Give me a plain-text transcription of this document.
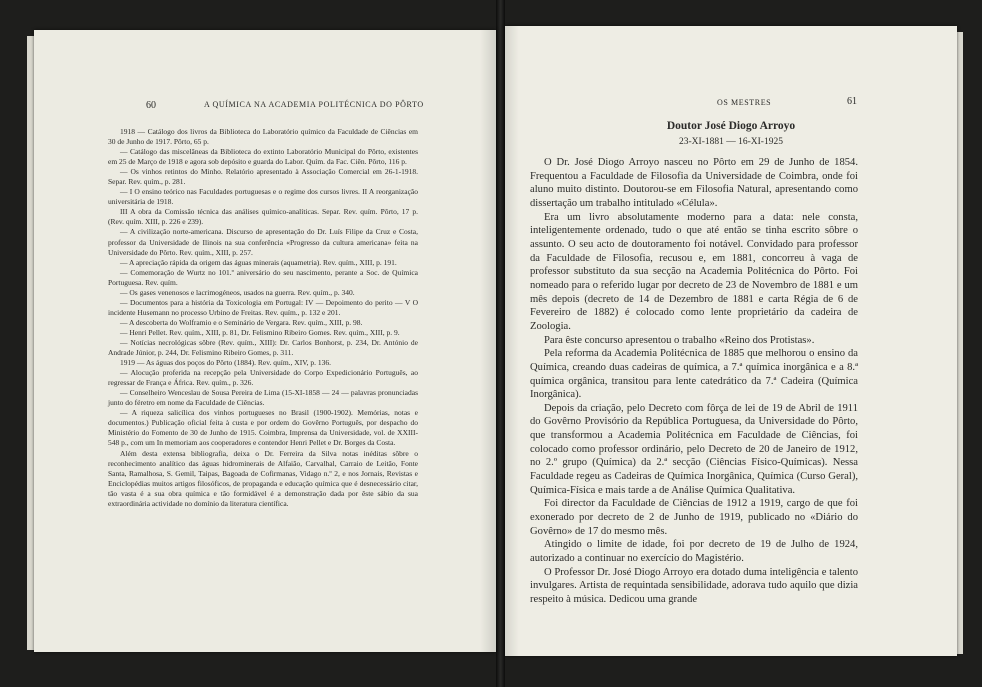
60	A QUÍMICA NA ACADEMIA POLITÉCNICA DO PÔRTO

1918 — Catálogo dos livros da Biblioteca do Laboratório químico da Faculdade de Ciências em 30 de Junho de 1917. Pôrto, 65 p.

— Catálogo das miscelâneas da Biblioteca do extinto Laboratório Municipal do Pôrto, existentes em 25 de Março de 1918 e agora sob depósito e guarda do Labor. Quím. da Fac. Ciên. Pôrto, 116 p.

— Os vinhos retintos do Minho. Relatório apresentado à Associação Comercial em 26-1-1918. Separ. Rev. quím., p. 281.

— I O ensino teórico nas Faculdades portuguesas e o regime dos cursos livres. II A reorganização universitária de 1918.

III A obra da Comissão técnica das análises químico-analíticas. Separ. Rev. quím. Pôrto, 17 p. (Rev. quím. XIII, p. 226 e 239).

— A civilização norte-americana. Discurso de apresentação do Dr. Luís Filipe da Cruz e Costa, professor da Universidade de Ilinois na sua conferência «Progresso da cultura americana» feita na Universidade do Pôrto. Rev. quím., XIII, p. 257.

— A apreciação rápida da origem das águas minerais (aquametria). Rev. quím., XIII, p. 191.

— Comemoração de Wurtz no 101.º aniversário do seu nascimento, perante a Soc. de Química Portuguesa. Rev. quím.

— Os gases venenosos e lacrimogéneos, usados na guerra. Rev. quím., p. 340.

— Documentos para a história da Toxicologia em Portugal: IV — Depoimento do perito — V O incidente Husemann no processo Urbino de Freitas. Rev. quím., p. 132 e 201.

— A descoberta do Wolframio e o Seminário de Vergara. Rev. quím., XIII, p. 98.

— Henri Pellet. Rev. quím., XIII, p. 81, Dr. Felismino Ribeiro Gomes. Rev. quím., XIII, p. 9.

— Notícias necrológicas sôbre (Rev. quím., XIII): Dr. Carlos Bonhorst, p. 234, Dr. António de Andrade Júnior, p. 244, Dr. Felismino Ribeiro Gomes, p. 311.

1919 — As águas dos poços do Pôrto (1884). Rev. quím., XIV, p. 136.

— Alocução proferida na recepção pela Universidade do Corpo Expedicionário Português, ao regressar de França e África. Rev. quím., p. 326.

— Conselheiro Wenceslau de Sousa Pereira de Lima (15-XI-1858 — 24 — palavras pronunciadas junto do féretro em nome da Faculdade de Ciências.

— A riqueza salicílica dos vinhos portugueses no Brasil (1900-1902). Memórias, notas e documentos.) Publicação oficial feita à custa e por ordem do Govêrno Português, por despacho do Ministério do Fomento de 30 de Junho de 1915. Coimbra, Imprensa da Universidade, vol. de XXIII-548 p., com um In memoriam aos cooperadores e contendor Henri Pellet e Dr. Borges da Costa.

Além desta extensa bibliografia, deixa o Dr. Ferreira da Silva notas inéditas sôbre o reconhecimento analítico das águas hidrominerais de Alfaião, Carvalhal, Carraio de Leitão, Fonte Santa, Ramalhosa, S. Gemil, Taipas, Bagoada de Cofirmanas, Vidago n.º 2, e nos Jornais, Revistas e Enciclopédias muitos artigos filosóficos, de propaganda e educação química que é desnecessário citar, tão vasta é a sua obra química e tão formidável é a demonstração dada por êste sábio da sua extraordinária actividade no domínio da literatura científica.

OS MESTRES	61
Doutor José Diogo Arroyo
23-XI-1881 — 16-XI-1925

O Dr. José Diogo Arroyo nasceu no Pôrto em 29 de Junho de 1854. Frequentou a Faculdade de Filosofia da Universidade de Coimbra, onde foi aluno muito distinto. Doutorou-se em Filosofia Natural, apresentando como dissertação um trabalho intitulado «Célula».

Era um livro absolutamente moderno para a data: nele consta, inteligentemente ordenado, tudo o que até então se tinha escrito sôbre o assunto. O seu acto de doutoramento foi notável. Convidado para professor da Faculdade de Filosofia, recusou e, em 1881, concorreu à vaga de professor substituto da sua secção na Academia Politécnica do Pôrto. Foi nomeado para o referido lugar por decreto de 23 de Novembro de 1881 e um mês depois (decreto de 14 de Dezembro de 1881 e carta Régia de 6 de Fevereiro de 1882) é colocado como lente proprietário da cadeira de Zoologia.

Para êste concurso apresentou o trabalho «Reino dos Protistas».

Pela reforma da Academia Politécnica de 1885 que melhorou o ensino da Química, creando duas cadeiras de química, a 7.ª química inorgânica e a 8.ª química orgânica, transitou para lente catedrático da 7.ª Cadeira (Química Inorgânica).

Depois da criação, pelo Decreto com fôrça de lei de 19 de Abril de 1911 do Govêrno Provisório da República Portuguesa, da Universidade do Pôrto, que transformou a Academia Politécnica em Faculdade de Ciências, foi colocado como professor ordinário, pelo Decreto de 20 de Janeiro de 1912, no 2.º grupo (Química) da 2.ª secção (Ciências Físico-Químicas). Nessa Faculdade regeu as Cadeiras de Química Inorgânica, Química (Curso Geral), Química-Física e mais tarde a de Análise Química Qualitativa.

Foi director da Faculdade de Ciências de 1912 a 1919, cargo de que foi exonerado por decreto de 2 de Junho de 1919, publicado no «Diário do Govêrno» de 17 do mesmo mês.

Atingido o limite de idade, foi por decreto de 19 de Julho de 1924, autorizado a continuar no exercício do Magistério.

O Professor Dr. José Diogo Arroyo era dotado duma inteligência e talento invulgares. Artista de requintada sensibilidade, adorava tudo aquilo que dizia respeito à música. Dedicou uma grande
